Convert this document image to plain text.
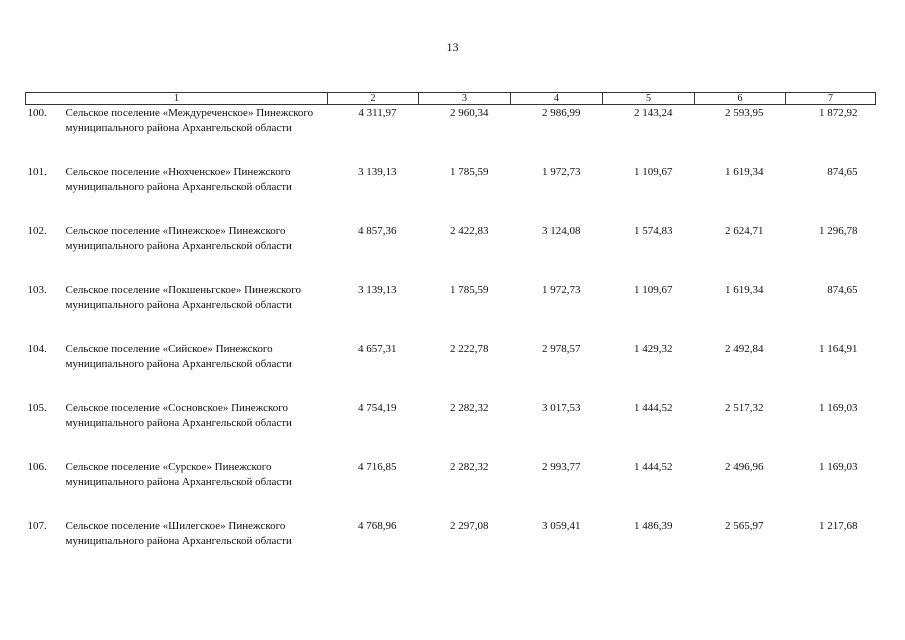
13
1	2	3	4	5	6	7

100. Сельское поселение «Междуреченское» Пинежского муниципального района Архангельской области	4 311,97	2 960,34	2 986,99	2 143,24	2 593,95	1 872,92

101. Сельское поселение «Нюхченское» Пинежского муниципального района Архангельской области	3 139,13	1 785,59	1 972,73	1 109,67	1 619,34	874,65

102. Сельское поселение «Пинежское» Пинежского муниципального района Архангельской области	4 857,36	2 422,83	3 124,08	1 574,83	2 624,71	1 296,78

103. Сельское поселение «Покшеньгское» Пинежского муниципального района Архангельской области	3 139,13	1 785,59	1 972,73	1 109,67	1 619,34	874,65

104. Сельское поселение «Сийское» Пинежского муниципального района Архангельской области	4 657,31	2 222,78	2 978,57	1 429,32	2 492,84	1 164,91

105. Сельское поселение «Сосновское» Пинежского муниципального района Архангельской области	4 754,19	2 282,32	3 017,53	1 444,52	2 517,32	1 169,03

106. Сельское поселение «Сурское» Пинежского муниципального района Архангельской области	4 716,85	2 282,32	2 993,77	1 444,52	2 496,96	1 169,03

107. Сельское поселение «Шилегское» Пинежского муниципального района Архангельской области	4 768,96	2 297,08	3 059,41	1 486,39	2 565,97	1 217,68
